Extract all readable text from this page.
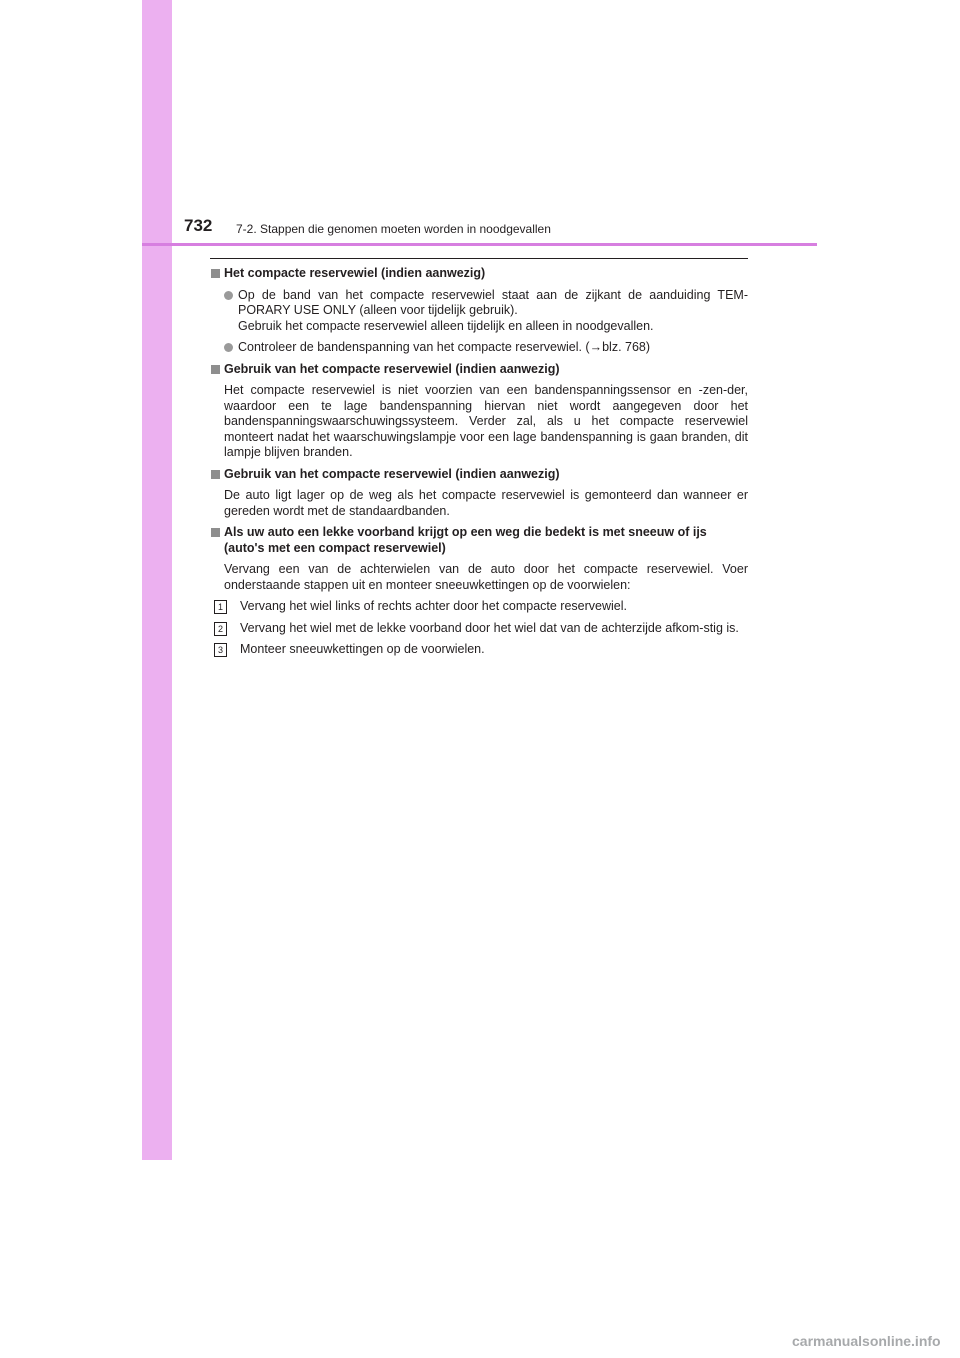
732 7-2. Stappen die genomen moeten worden in noodgevallen
Het compacte reservewiel (indien aanwezig)
Op de band van het compacte reservewiel staat aan de zijkant de aanduiding TEM-PORARY USE ONLY (alleen voor tijdelijk gebruik).
Gebruik het compacte reservewiel alleen tijdelijk en alleen in noodgevallen.
Controleer de bandenspanning van het compacte reservewiel. (→blz. 768)
Gebruik van het compacte reservewiel (indien aanwezig)
Het compacte reservewiel is niet voorzien van een bandenspanningssensor en -zen-der, waardoor een te lage bandenspanning hiervan niet wordt aangegeven door het bandenspanningswaarschuwingssysteem. Verder zal, als u het compacte reservewiel monteert nadat het waarschuwingslampje voor een lage bandenspanning is gaan branden, dit lampje blijven branden.
Gebruik van het compacte reservewiel (indien aanwezig)
De auto ligt lager op de weg als het compacte reservewiel is gemonteerd dan wanneer er gereden wordt met de standaardbanden.
Als uw auto een lekke voorband krijgt op een weg die bedekt is met sneeuw of ijs (auto's met een compact reservewiel)
Vervang een van de achterwielen van de auto door het compacte reservewiel. Voer onderstaande stappen uit en monteer sneeuwkettingen op de voorwielen:
1	Vervang het wiel links of rechts achter door het compacte reservewiel.
2	Vervang het wiel met de lekke voorband door het wiel dat van de achterzijde afkom-stig is.
3	Monteer sneeuwkettingen op de voorwielen.
carmanualsonline.info
